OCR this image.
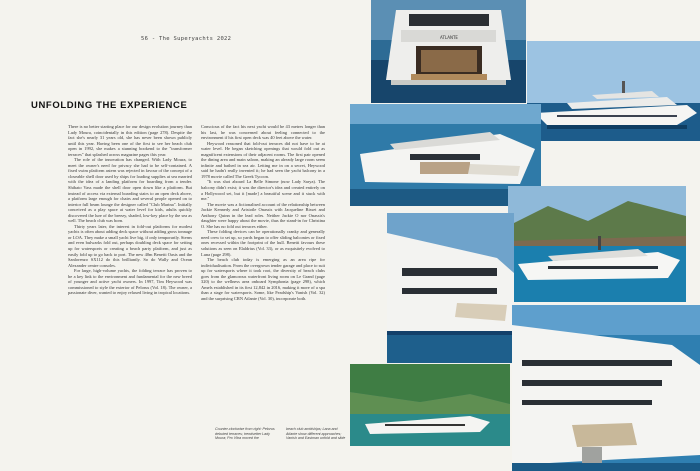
56 - The Superyachts 2022
UNFOLDING THE EXPERIENCE

There is no better starting place for our design evolution journey than Lady Moura, coincidentally in this edition (page 278). Despite the fact she's nearly 31 years old, she has never been shown publicly until this year. Having been one of the first to see her beach club open in 1992, she makes a stunning bookend to the "transformer terraces" that splashed across magazine pages this year.

The role of the innovation has changed. With Lady Moura, to meet the owner's need for privacy she had to be self-contained. A fixed swim platform astern was rejected in favour of the concept of a closeable shell door used by ships for loading supplies at sea married with the idea of a landing platform for boarding from a tender. Shibato Vass made the shell door open down like a platform. But instead of access via external boarding stairs to an open deck above, a platform large enough for chairs and several people opened on to interior full beam lounge the designer called "Club Marina". Initially conceived as a play space at water level for kids, adults quickly discovered the lure of the breezy, shaded, low-key place by the sea as well. The beach club was born.

Thirty years later, the interest in fold-out platforms for modest yachts is often about adding deck space without adding gross tonnage or LOA. They make a small yacht live big, if only temporarily. Sterns and even bulwarks fold out, perhaps doubling deck space for setting up for watersports or creating a beach party platform, and just as easily fold up to go back to port. The new 40m Benetti Oasis and the Sanlorenzo SX112 do this brilliantly. So do Wally and Ocean Alexander centre consoles.

For large, high-volume yachts, the folding terrace has proven to be a key link to the environment and fundamental for the new breed of younger and active yacht owners. In 1997, Tim Heywood was commissioned to style the exterior of Pelorus (Vol. 18). The owner, a passionate diver, wanted to enjoy relaxed living in tropical locations.

Conscious of the fact his next yacht would be 43 metres longer than his last, he was concerned about feeling connected to the environment if his first open deck was 40 feet above the water.

Heywood reasoned that fold-out terraces did not have to be at water level. He began sketching openings that would fold out as magnificent extensions of their adjacent rooms. The first pair opened the dining area and main saloon, making an already large room seem infinite and bathed in sea air. Letting me in on a secret, Heywood said he hadn't really invented it; he had seen the yacht balcony in a 1978 movie called The Greek Tycoon.

"It was shot aboard La Belle Simone (now Lady Sarya). The balcony didn't exist; it was the director's idea and created entirely on a Hollywood set, but it [made] a beautiful scene and it stuck with me."

The movie was a fictionalised account of the relationship between Jackie Kennedy and Aristotle Onassis with Jacqueline Bisset and Anthony Quinn in the lead roles. Neither Jackie O nor Onassis's daughter were happy about the movie, thus the stand-in for Christina O. She has no fold out terraces either.

These folding devices can be operationally cranky and generally need crew to set up, so yards began to offer sliding balconies or fixed ones recessed within the footprint of the hull. Benetti favours these solutions as seen on Elaldrius (Vol. 33), or as exquisitely evolved to Luna (page 298).

The beach club today is emerging as an area ripe for individualisation. From the overgrown tender garage and place to suit up for watersports where it took root, the diversity of beach clubs goes from the glamorous waterfront living room on Le Grand (page 320) to the wellness area onboard Symphonia (page 298), which Amels established in its first 12,842 in 2016, making it more of a spa than a stage for watersports. Some, like Feadship's Vanish (Vol. 32) and the surprising CRN Atlante (Vol. 30), incorporate both.

Counter-clockwise from right: Pelorus debuted terraces; trendsetter Lady Moura; Pro Vitra moved the
beach club amidships; Lana and Atlante show different approaches; Vanish and Eastman unfold and slide
ATLANTE
